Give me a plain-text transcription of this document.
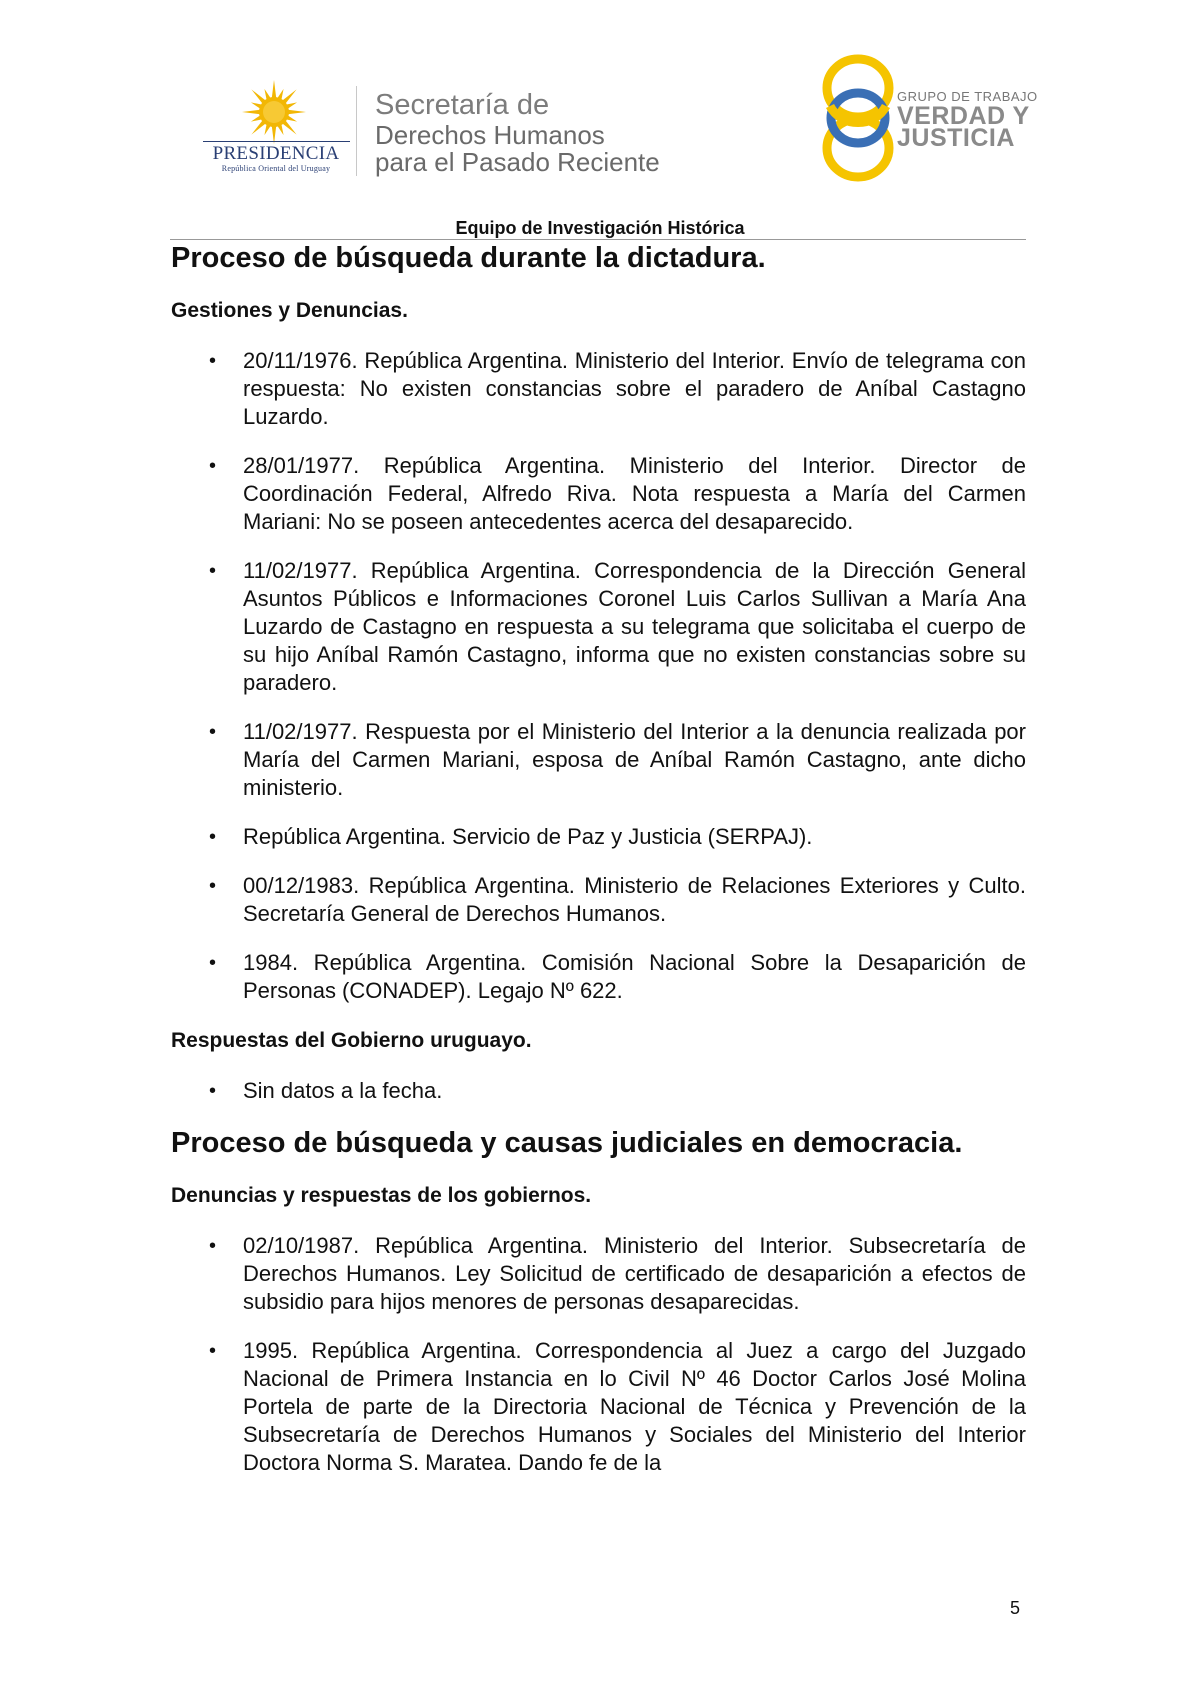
PRESIDENCIA
República Oriental del Uruguay
Secretaría de
Derechos Humanos
para el Pasado Reciente
GRUPO DE TRABAJO
VERDAD Y
JUSTICIA
Equipo de Investigación Histórica
Proceso de búsqueda durante la dictadura.
Gestiones y Denuncias.
• 20/11/1976. República Argentina. Ministerio del Interior. Envío de telegrama con respuesta: No existen constancias sobre el paradero de Aníbal Castagno Luzardo.
• 28/01/1977. República Argentina. Ministerio del Interior. Director de Coordinación Federal, Alfredo Riva. Nota respuesta a María del Carmen Mariani: No se poseen antecedentes acerca del desaparecido.
• 11/02/1977. República Argentina. Correspondencia de la Dirección General Asuntos Públicos e Informaciones Coronel Luis Carlos Sullivan a María Ana Luzardo de Castagno en respuesta a su telegrama que solicitaba el cuerpo de su hijo Aníbal Ramón Castagno, informa que no existen constancias sobre su paradero.
• 11/02/1977. Respuesta por el Ministerio del Interior a la denuncia realizada por María del Carmen Mariani, esposa de Aníbal Ramón Castagno, ante dicho ministerio.
• República Argentina. Servicio de Paz y Justicia (SERPAJ).
• 00/12/1983. República Argentina. Ministerio de Relaciones Exteriores y Culto. Secretaría General de Derechos Humanos.
• 1984. República Argentina. Comisión Nacional Sobre la Desaparición de Personas (CONADEP). Legajo Nº 622.
Respuestas del Gobierno uruguayo.
• Sin datos a la fecha.
Proceso de búsqueda y causas judiciales en democracia.
Denuncias y respuestas de los gobiernos.
• 02/10/1987. República Argentina. Ministerio del Interior. Subsecretaría de Derechos Humanos. Ley Solicitud de certificado de desaparición a efectos de subsidio para hijos menores de personas desaparecidas.
• 1995. República Argentina. Correspondencia al Juez a cargo del Juzgado Nacional de Primera Instancia en lo Civil Nº 46 Doctor Carlos José Molina Portela de parte de la Directoria Nacional de Técnica y Prevención de la Subsecretaría de Derechos Humanos y Sociales del Ministerio del Interior Doctora Norma S. Maratea. Dando fe de la
5
